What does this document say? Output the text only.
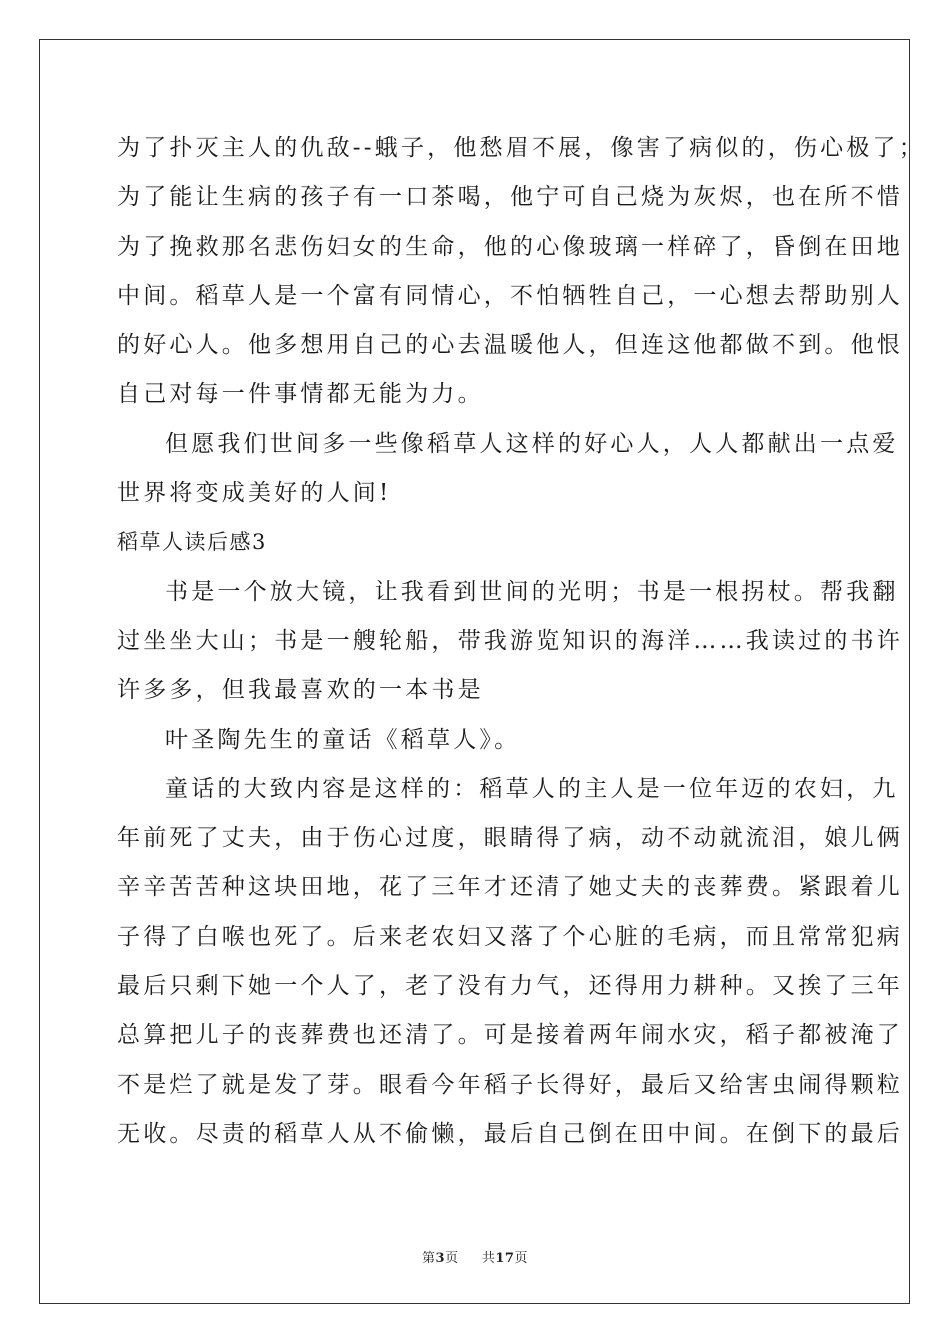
为了扑灭主人的仇敌--蛾子，他愁眉不展，像害了病似的，伤心极了；
为了能让生病的孩子有一口茶喝，他宁可自己烧为灰烬，也在所不惜
为了挽救那名悲伤妇女的生命，他的心像玻璃一样碎了，昏倒在田地
中间。稻草人是一个富有同情心，不怕牺牲自己，一心想去帮助别人
的好心人。他多想用自己的心去温暖他人，但连这他都做不到。他恨
自己对每一件事情都无能为力。
但愿我们世间多一些像稻草人这样的好心人，人人都献出一点爱
世界将变成美好的人间!
稻草人读后感3
书是一个放大镜，让我看到世间的光明；书是一根拐杖。帮我翻
过坐坐大山；书是一艘轮船，带我游览知识的海洋……我读过的书许
许多多，但我最喜欢的一本书是
叶圣陶先生的童话《稻草人》。
童话的大致内容是这样的：稻草人的主人是一位年迈的农妇，九
年前死了丈夫，由于伤心过度，眼睛得了病，动不动就流泪，娘儿俩
辛辛苦苦种这块田地，花了三年才还清了她丈夫的丧葬费。紧跟着儿
子得了白喉也死了。后来老农妇又落了个心脏的毛病，而且常常犯病
最后只剩下她一个人了，老了没有力气，还得用力耕种。又挨了三年
总算把儿子的丧葬费也还清了。可是接着两年闹水灾，稻子都被淹了
不是烂了就是发了芽。眼看今年稻子长得好，最后又给害虫闹得颗粒
无收。尽责的稻草人从不偷懒，最后自己倒在田中间。在倒下的最后
第3页 共17页
